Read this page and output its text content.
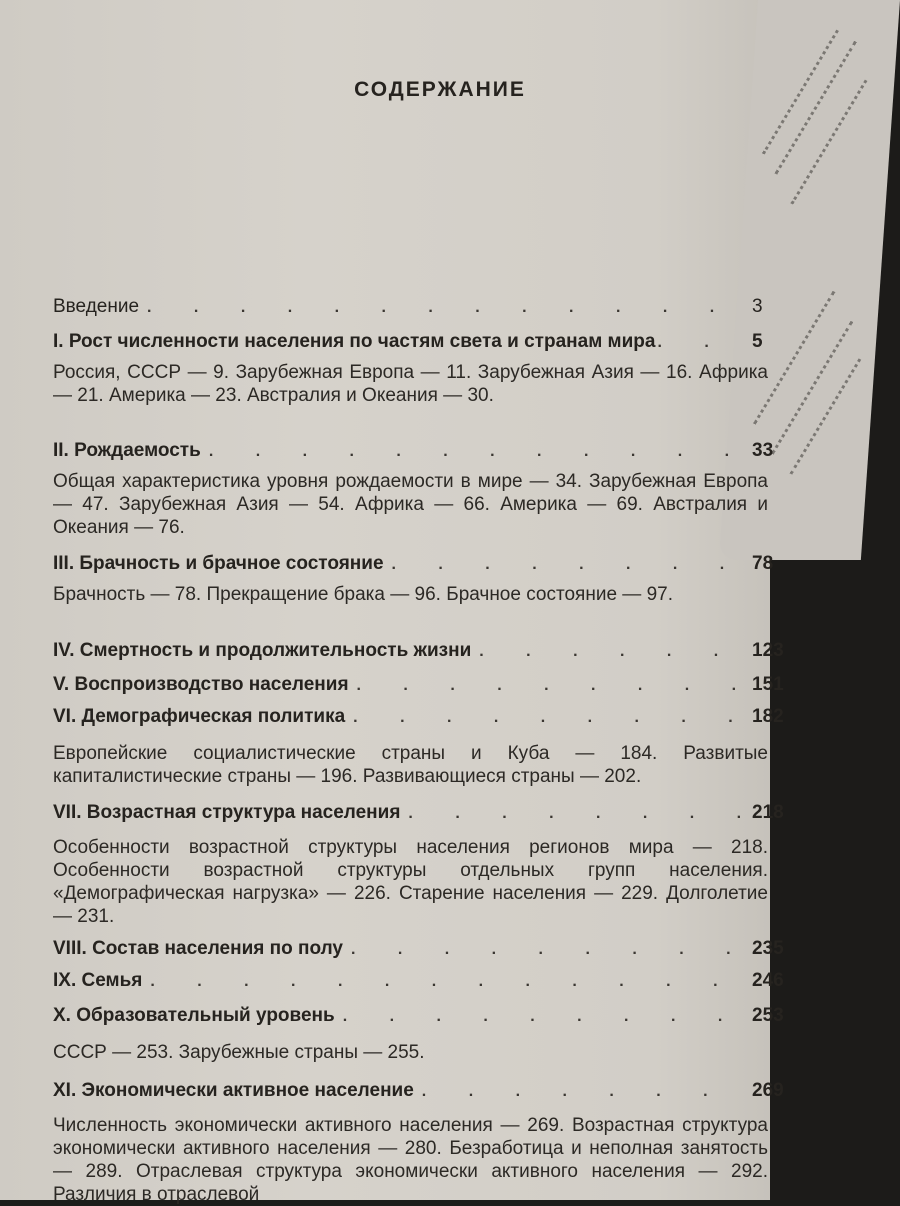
СОДЕРЖАНИЕ
Введение . . .	3
I. Рост численности населения по частям света и странам мира . . .	5
Россия, СССР — 9. Зарубежная Европа — 11. Зарубежная Азия — 16. Африка — 21. Америка — 23. Австралия и Океания — 30.
II. Рождаемость . . .	33
Общая характеристика уровня рождаемости в мире — 34. Зарубежная Европа — 47. Зарубежная Азия — 54. Африка — 66. Америка — 69. Австралия и Океания — 76.
III. Брачность и брачное состояние . . .	78
Брачность — 78. Прекращение брака — 96. Брачное состояние — 97.
IV. Смертность и продолжительность жизни . . .	123
V. Воспроизводство населения . . .	151
VI. Демографическая политика . . .	182
Европейские социалистические страны и Куба — 184. Развитые капиталистические страны — 196. Развивающиеся страны — 202.
VII. Возрастная структура населения . . .	218
Особенности возрастной структуры населения регионов мира — 218. Особенности возрастной структуры отдельных групп населения. «Демографическая нагрузка» — 226. Старение населения — 229. Долголетие — 231.
VIII. Состав населения по полу . . .	235
IX. Семья . . .	246
X. Образовательный уровень . . .	253
СССР — 253. Зарубежные страны — 255.
XI. Экономически активное население . . .	269
Численность экономически активного населения — 269. Возрастная структура экономически активного населения — 280. Безработица и неполная занятость — 289. Отраслевая структура экономически активного населения — 292. Различия в отраслевой
